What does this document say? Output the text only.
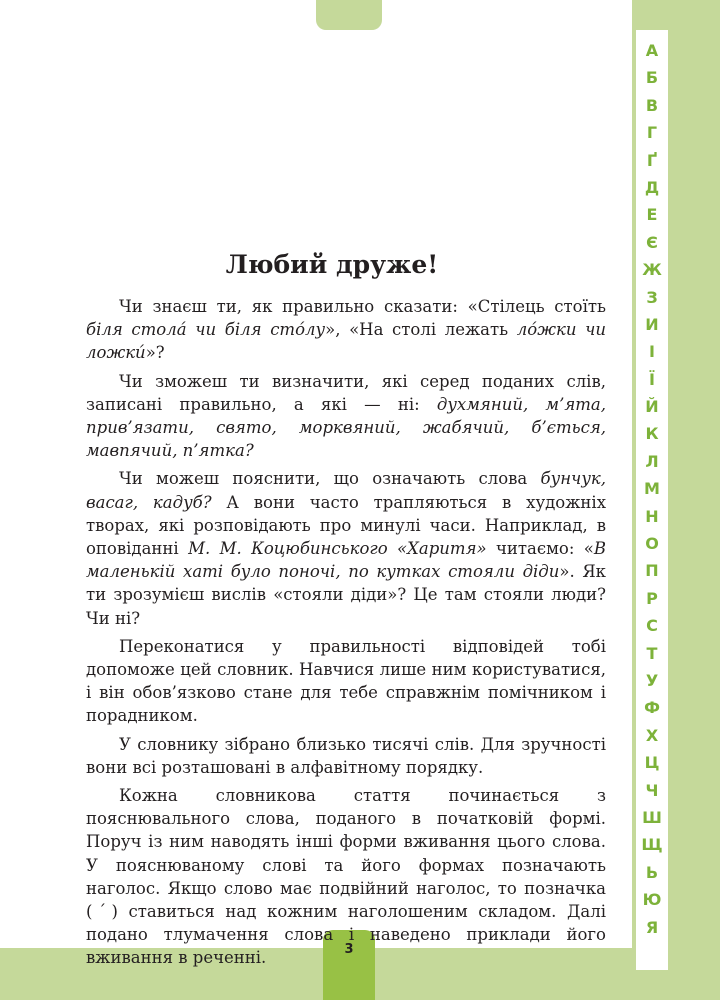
3
А
Б
В
Г
Ґ
Д
Е
Є
Ж
З
И
І
Ї
Й
К
Л
М
Н
О
П
Р
С
Т
У
Ф
Х
Ц
Ч
Ш
Щ
Ь
Ю
Я
Любий друже!

Чи знаєш ти, як правильно сказати: «Стілець стоїть біля стола́ чи біля сто́лу», «На столі лежать ло́жки чи ложки́»?

Чи зможеш ти визначити, які серед поданих слів, записані правильно, а які — ні: духмяний, м’ята, прив’язати, свято, морквяний, жабячий, б’ється, мавпячий, п’ятка?

Чи можеш пояснити, що означають слова бунчук, васаг, кадуб? А вони часто трапляються в художніх творах, які розповідають про минулі часи. Наприклад, в оповіданні М. М. Коцюбинського «Харитя» читаємо: «В маленькій хаті було поночі, по кутках стояли діди». Як ти зрозумієш вислів «стояли діди»? Це там стояли люди? Чи ні?

Переконатися у правильності відповідей тобі допоможе цей словник. Навчися лише ним користуватися, і він обов’язково стане для тебе справжнім помічником і порадником.

У словнику зібрано близько тисячі слів. Для зручності вони всі розташовані в алфавітному порядку.

Кожна словникова стаття починається з пояснювального слова, поданого в початковій формі. Поруч із ним наводять інші форми вживання цього слова. У пояснюваному слові та його формах позначають наголос. Якщо слово має подвійний наголос, то позначка (ˊ) ставиться над кожним наголошеним складом. Далі подано тлумачення слова і наведено приклади його вживання в реченні.
